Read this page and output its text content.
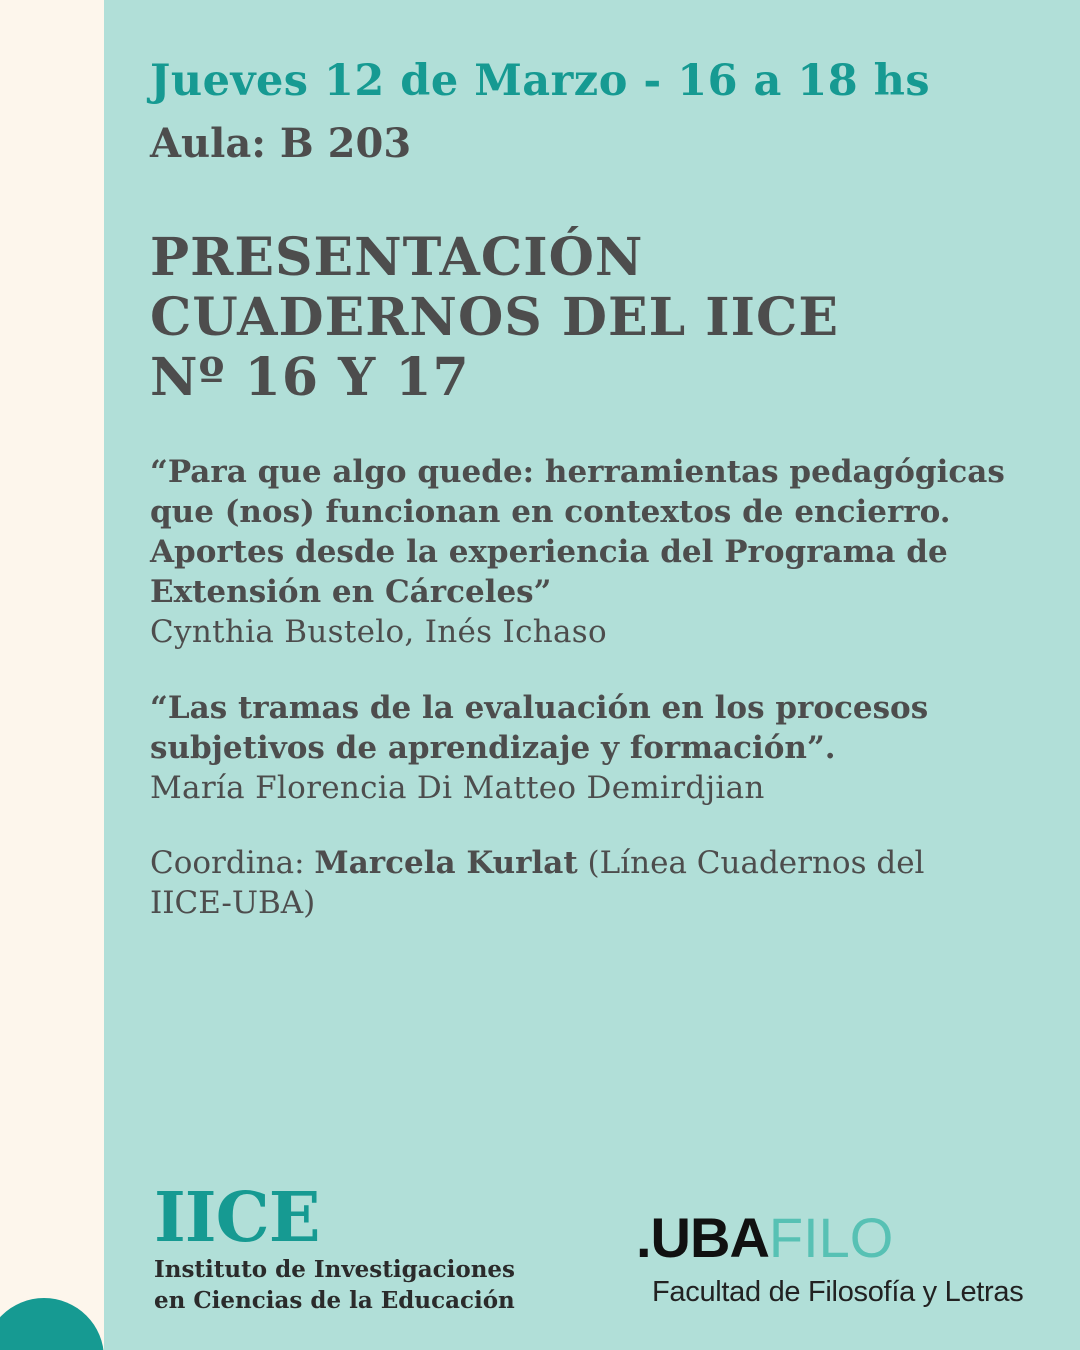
Jueves 12 de Marzo - 16 a 18 hs
Aula: B 203
PRESENTACIÓN
CUADERNOS DEL IICE
Nº 16 Y 17
“Para que algo quede: herramientas pedagógicas
que (nos) funcionan en contextos de encierro.
Aportes desde la experiencia del Programa de
Extensión en Cárceles”
Cynthia Bustelo, Inés Ichaso
“Las tramas de la evaluación en los procesos
subjetivos de aprendizaje y formación”.
María Florencia Di Matteo Demirdjian
Coordina: Marcela Kurlat (Línea Cuadernos del
IICE-UBA)
IICE
Instituto de Investigaciones
en Ciencias de la Educación
.UBAFILO
Facultad de Filosofía y Letras
